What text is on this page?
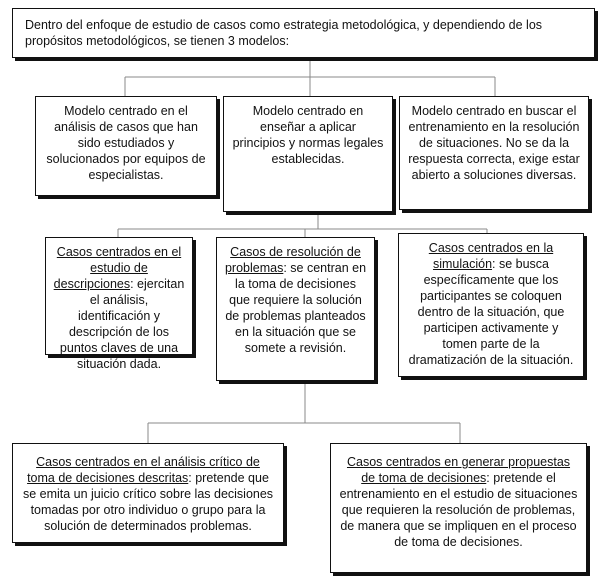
Dentro del enfoque de estudio de casos como estrategia metodológica, y dependiendo de los propósitos metodológicos, se tienen 3 modelos:
Modelo centrado en el análisis de casos que han sido estudiados y solucionados por equipos de especialistas.
Modelo centrado en enseñar a aplicar principios y normas legales establecidas.
Modelo centrado en buscar el entrenamiento en la resolución de situaciones. No se da la respuesta correcta, exige estar abierto a soluciones diversas.
Casos centrados en el estudio de descripciones: ejercitan el análisis, identificación y descripción de los puntos claves de una situación dada.
Casos de resolución de problemas: se centran en la toma de decisiones que requiere la solución de problemas planteados en la situación que se somete a revisión.
Casos centrados en la simulación: se busca específicamente que los participantes se coloquen dentro de la situación, que participen activamente y tomen parte de la dramatización de la situación.
Casos centrados en el análisis crítico de toma de decisiones descritas: pretende que se emita un juicio crítico sobre las decisiones tomadas por otro individuo o grupo para la solución de determinados problemas.
Casos centrados en generar propuestas de toma de decisiones: pretende el entrenamiento en el estudio de situaciones que requieren la resolución de problemas, de manera que se impliquen en el proceso de toma de decisiones.
